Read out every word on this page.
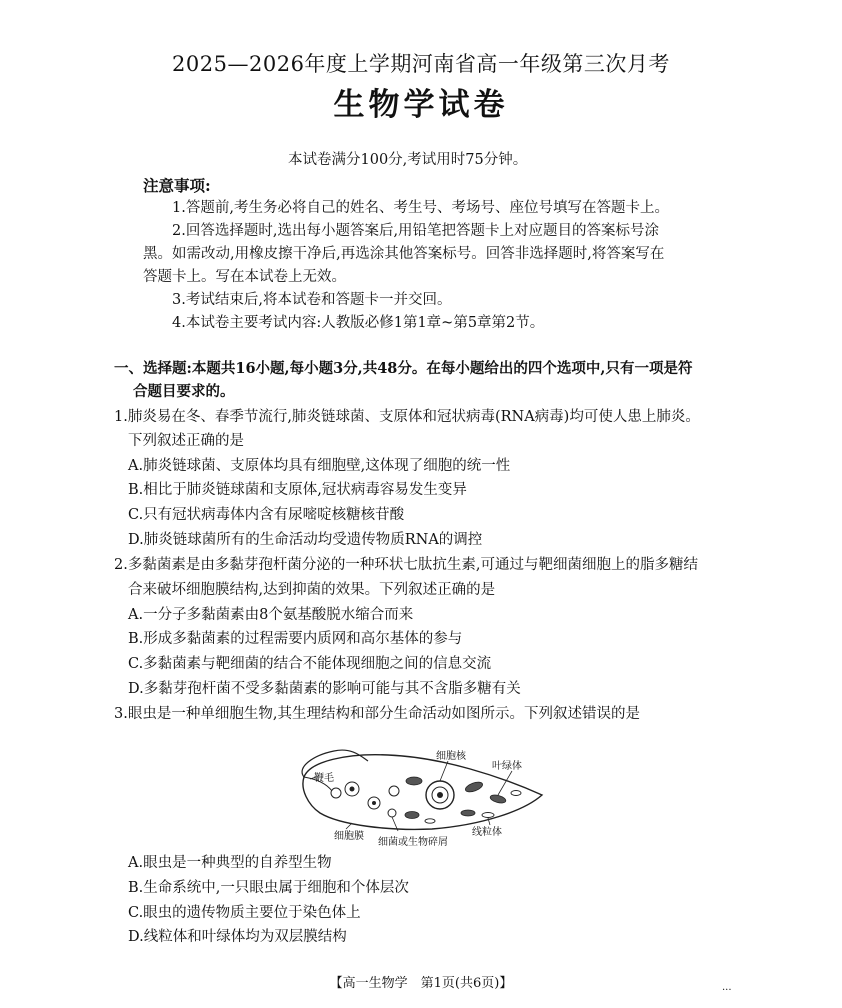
2025—2026年度上学期河南省高一年级第三次月考
生物学试卷
本试卷满分100分,考试用时75分钟。
注意事项:
1.答题前,考生务必将自己的姓名、考生号、考场号、座位号填写在答题卡上。
2.回答选择题时,选出每小题答案后,用铅笔把答题卡上对应题目的答案标号涂
黑。如需改动,用橡皮擦干净后,再选涂其他答案标号。回答非选择题时,将答案写在
答题卡上。写在本试卷上无效。
3.考试结束后,将本试卷和答题卡一并交回。
4.本试卷主要考试内容:人教版必修1第1章~第5章第2节。
一、选择题:本题共16小题,每小题3分,共48分。在每小题给出的四个选项中,只有一项是符
合题目要求的。
1.肺炎易在冬、春季节流行,肺炎链球菌、支原体和冠状病毒(RNA病毒)均可使人患上肺炎。
下列叙述正确的是
A.肺炎链球菌、支原体均具有细胞壁,这体现了细胞的统一性
B.相比于肺炎链球菌和支原体,冠状病毒容易发生变异
C.只有冠状病毒体内含有尿嘧啶核糖核苷酸
D.肺炎链球菌所有的生命活动均受遗传物质RNA的调控
2.多黏菌素是由多黏芽孢杆菌分泌的一种环状七肽抗生素,可通过与靶细菌细胞上的脂多糖结
合来破坏细胞膜结构,达到抑菌的效果。下列叙述正确的是
A.一分子多黏菌素由8个氨基酸脱水缩合而来
B.形成多黏菌素的过程需要内质网和高尔基体的参与
C.多黏菌素与靶细菌的结合不能体现细胞之间的信息交流
D.多黏芽孢杆菌不受多黏菌素的影响可能与其不含脂多糖有关
3.眼虫是一种单细胞生物,其生理结构和部分生命活动如图所示。下列叙述错误的是
鞭毛
细胞核
叶绿体
细胞膜
细菌或生物碎屑
线粒体
A.眼虫是一种典型的自养型生物
B.生命系统中,一只眼虫属于细胞和个体层次
C.眼虫的遗传物质主要位于染色体上
D.线粒体和叶绿体均为双层膜结构
【高一生物学　第1页(共6页)】	...
